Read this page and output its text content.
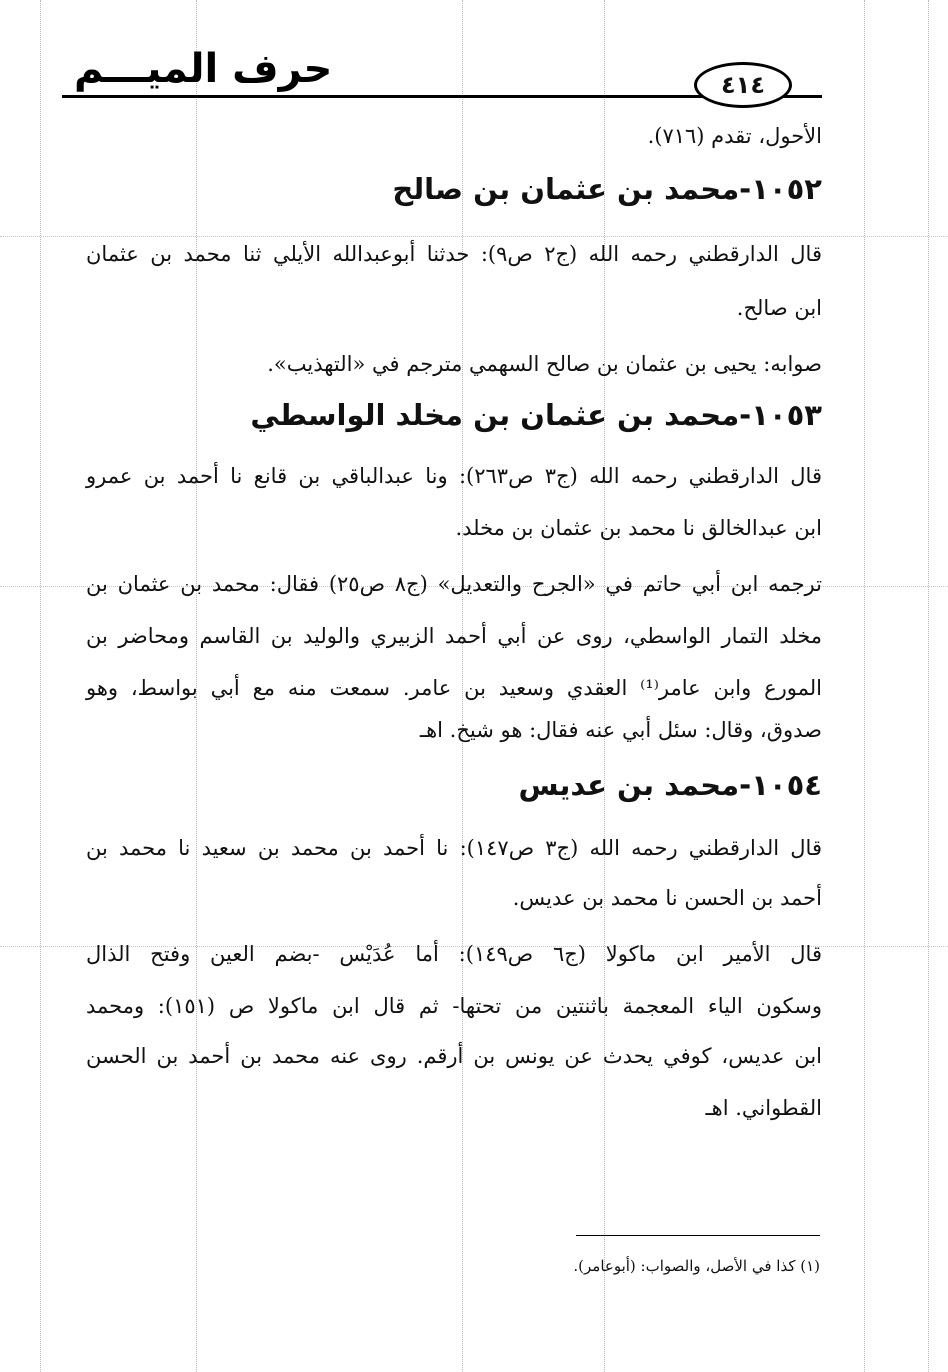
حرف الميـــم	٤١٤
الأحول، تقدم (٧١٦).
١٠٥٢-محمد بن عثمان بن صالح
قال الدارقطني رحمه الله (ج٢ ص٩): حدثنا أبوعبدالله الأيلي ثنا محمد بن عثمان
ابن صالح.
صوابه: يحيى بن عثمان بن صالح السهمي مترجم في «التهذيب».
١٠٥٣-محمد بن عثمان بن مخلد الواسطي
قال الدارقطني رحمه الله (ج٣ ص٢٦٣): ونا عبدالباقي بن قانع نا أحمد بن عمرو
ابن عبدالخالق نا محمد بن عثمان بن مخلد.
ترجمه ابن أبي حاتم في «الجرح والتعديل» (ج٨ ص٢٥) فقال: محمد بن عثمان بن
مخلد التمار الواسطي، روى عن أبي أحمد الزبيري والوليد بن القاسم ومحاضر بن
المورع وابن عامر⁽¹⁾ العقدي وسعيد بن عامر. سمعت منه مع أبي بواسط، وهو
صدوق، وقال: سئل أبي عنه فقال: هو شيخ. اهـ
١٠٥٤-محمد بن عديس
قال الدارقطني رحمه الله (ج٣ ص١٤٧): نا أحمد بن محمد بن سعيد نا محمد بن
أحمد بن الحسن نا محمد بن عديس.
قال الأمير ابن ماكولا (ج٦ ص١٤٩): أما عُدَيْس -بضم العين وفتح الذال
وسكون الياء المعجمة باثنتين من تحتها- ثم قال ابن ماكولا ص (١٥١): ومحمد
ابن عديس، كوفي يحدث عن يونس بن أرقم. روى عنه محمد بن أحمد بن الحسن
القطواني. اهـ
(١) كذا في الأصل، والصواب: (أبوعامر).
